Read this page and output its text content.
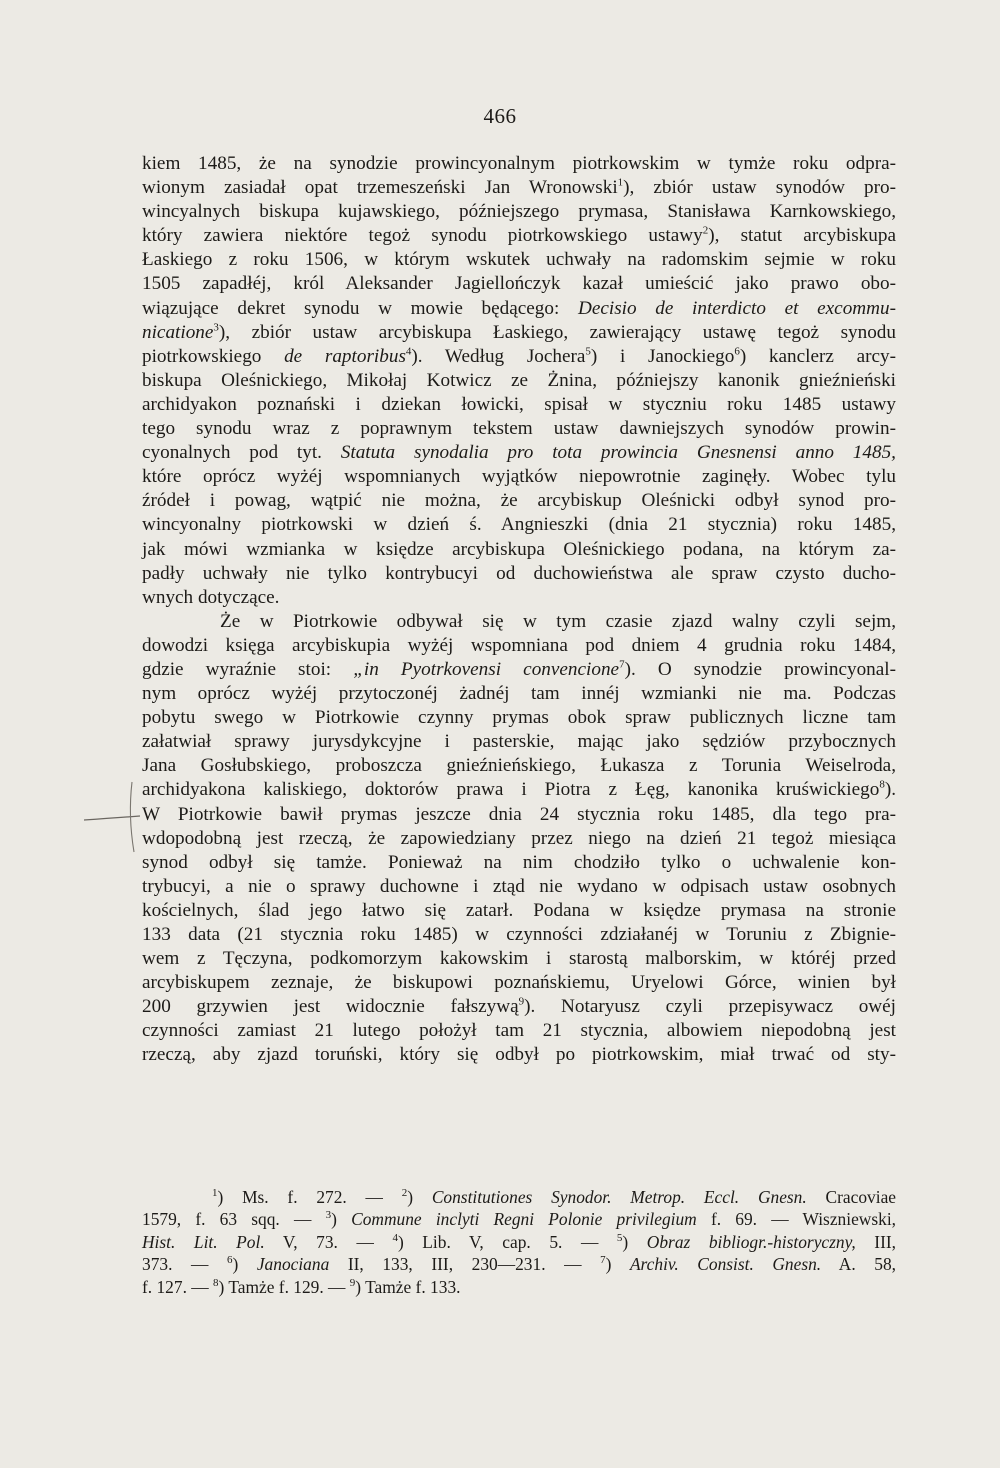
466
kiem 1485, że na synodzie prowincyonalnym piotrkowskim w tymże roku odpra-
wionym zasiadał opat trzemeszeński Jan Wronowski$^1$), zbiór ustaw synodów pro-
wincyalnych biskupa kujawskiego, późniejszego prymasa, Stanisława Karnkowskiego,
który zawiera niektóre tegoż synodu piotrkowskiego ustawy$^2$), statut arcybiskupa
Łaskiego z roku 1506, w którym wskutek uchwały na radomskim sejmie w roku
1505 zapadłéj, król Aleksander Jagiellończyk kazał umieścić jako prawo obo-
wiązujące dekret synodu w mowie będącego: Decisio de interdicto et excommu-
nicatione$^3$), zbiór ustaw arcybiskupa Łaskiego, zawierający ustawę tegoż synodu
piotrkowskiego de raptoribus$^4$). Według Jochera$^5$) i Janockiego$^6$) kanclerz arcy-
biskupa Oleśnickiego, Mikołaj Kotwicz ze Żnina, późniejszy kanonik gnieźnieński
archidyakon poznański i dziekan łowicki, spisał w styczniu roku 1485 ustawy
tego synodu wraz z poprawnym tekstem ustaw dawniejszych synodów prowin-
cyonalnych pod tyt. Statuta synodalia pro tota prowincia Gnesnensi anno 1485,
które oprócz wyżéj wspomnianych wyjątków niepowrotnie zaginęły. Wobec tylu
źródeł i powag, wątpić nie można, że arcybiskup Oleśnicki odbył synod pro-
wincyonalny piotrkowski w dzień ś. Angnieszki (dnia 21 stycznia) roku 1485,
jak mówi wzmianka w księdze arcybiskupa Oleśnickiego podana, na którym za-
padły uchwały nie tylko kontrybucyi od duchowieństwa ale spraw czysto ducho-
wnych dotyczące.
Że w Piotrkowie odbywał się w tym czasie zjazd walny czyli sejm,
dowodzi księga arcybiskupia wyżéj wspomniana pod dniem 4 grudnia roku 1484,
gdzie wyraźnie stoi: „in Pyotrkovensi convencione$^7$). O synodzie prowincyonal-
nym oprócz wyżéj przytoczonéj żadnéj tam innéj wzmianki nie ma. Podczas
pobytu swego w Piotrkowie czynny prymas obok spraw publicznych liczne tam
załatwiał sprawy jurysdykcyjne i pasterskie, mając jako sędziów przybocznych
Jana Gosłubskiego, proboszcza gnieźnieńskiego, Łukasza z Torunia Weiselroda,
archidyakona kaliskiego, doktorów prawa i Piotra z Łęg, kanonika kruświckiego$^8$).
W Piotrkowie bawił prymas jeszcze dnia 24 stycznia roku 1485, dla tego pra-
wdopodobną jest rzeczą, że zapowiedziany przez niego na dzień 21 tegoż miesiąca
synod odbył się tamże. Ponieważ na nim chodziło tylko o uchwalenie kon-
trybucyi, a nie o sprawy duchowne i ztąd nie wydano w odpisach ustaw osobnych
kościelnych, ślad jego łatwo się zatarł. Podana w księdze prymasa na stronie
133 data (21 stycznia roku 1485) w czynności zdziałanéj w Toruniu z Zbignie-
wem z Tęczyna, podkomorzym kakowskim i starostą malborskim, w któréj przed
arcybiskupem zeznaje, że biskupowi poznańskiemu, Uryelowi Górce, winien był
200 grzywien jest widocznie fałszywą$^9$). Notaryusz czyli przepisywacz owéj
czynności zamiast 21 lutego położył tam 21 stycznia, albowiem niepodobną jest
rzeczą, aby zjazd toruński, który się odbył po piotrkowskim, miał trwać od sty-
$^1$) Ms. f. 272. — $^2$) Constitutiones Synodor. Metrop. Eccl. Gnesn. Cracoviae
1579, f. 63 sqq. — $^3$) Commune inclyti Regni Polonie privilegium f. 69. — Wiszniewski,
Hist. Lit. Pol. V, 73. — $^4$) Lib. V, cap. 5. — $^5$) Obraz bibliogr.-historyczny, III,
373. — $^6$) Janociana II, 133, III, 230—231. — $^7$) Archiv. Consist. Gnesn. A. 58,
f. 127. — $^8$) Tamże f. 129. — $^9$) Tamże f. 133.
